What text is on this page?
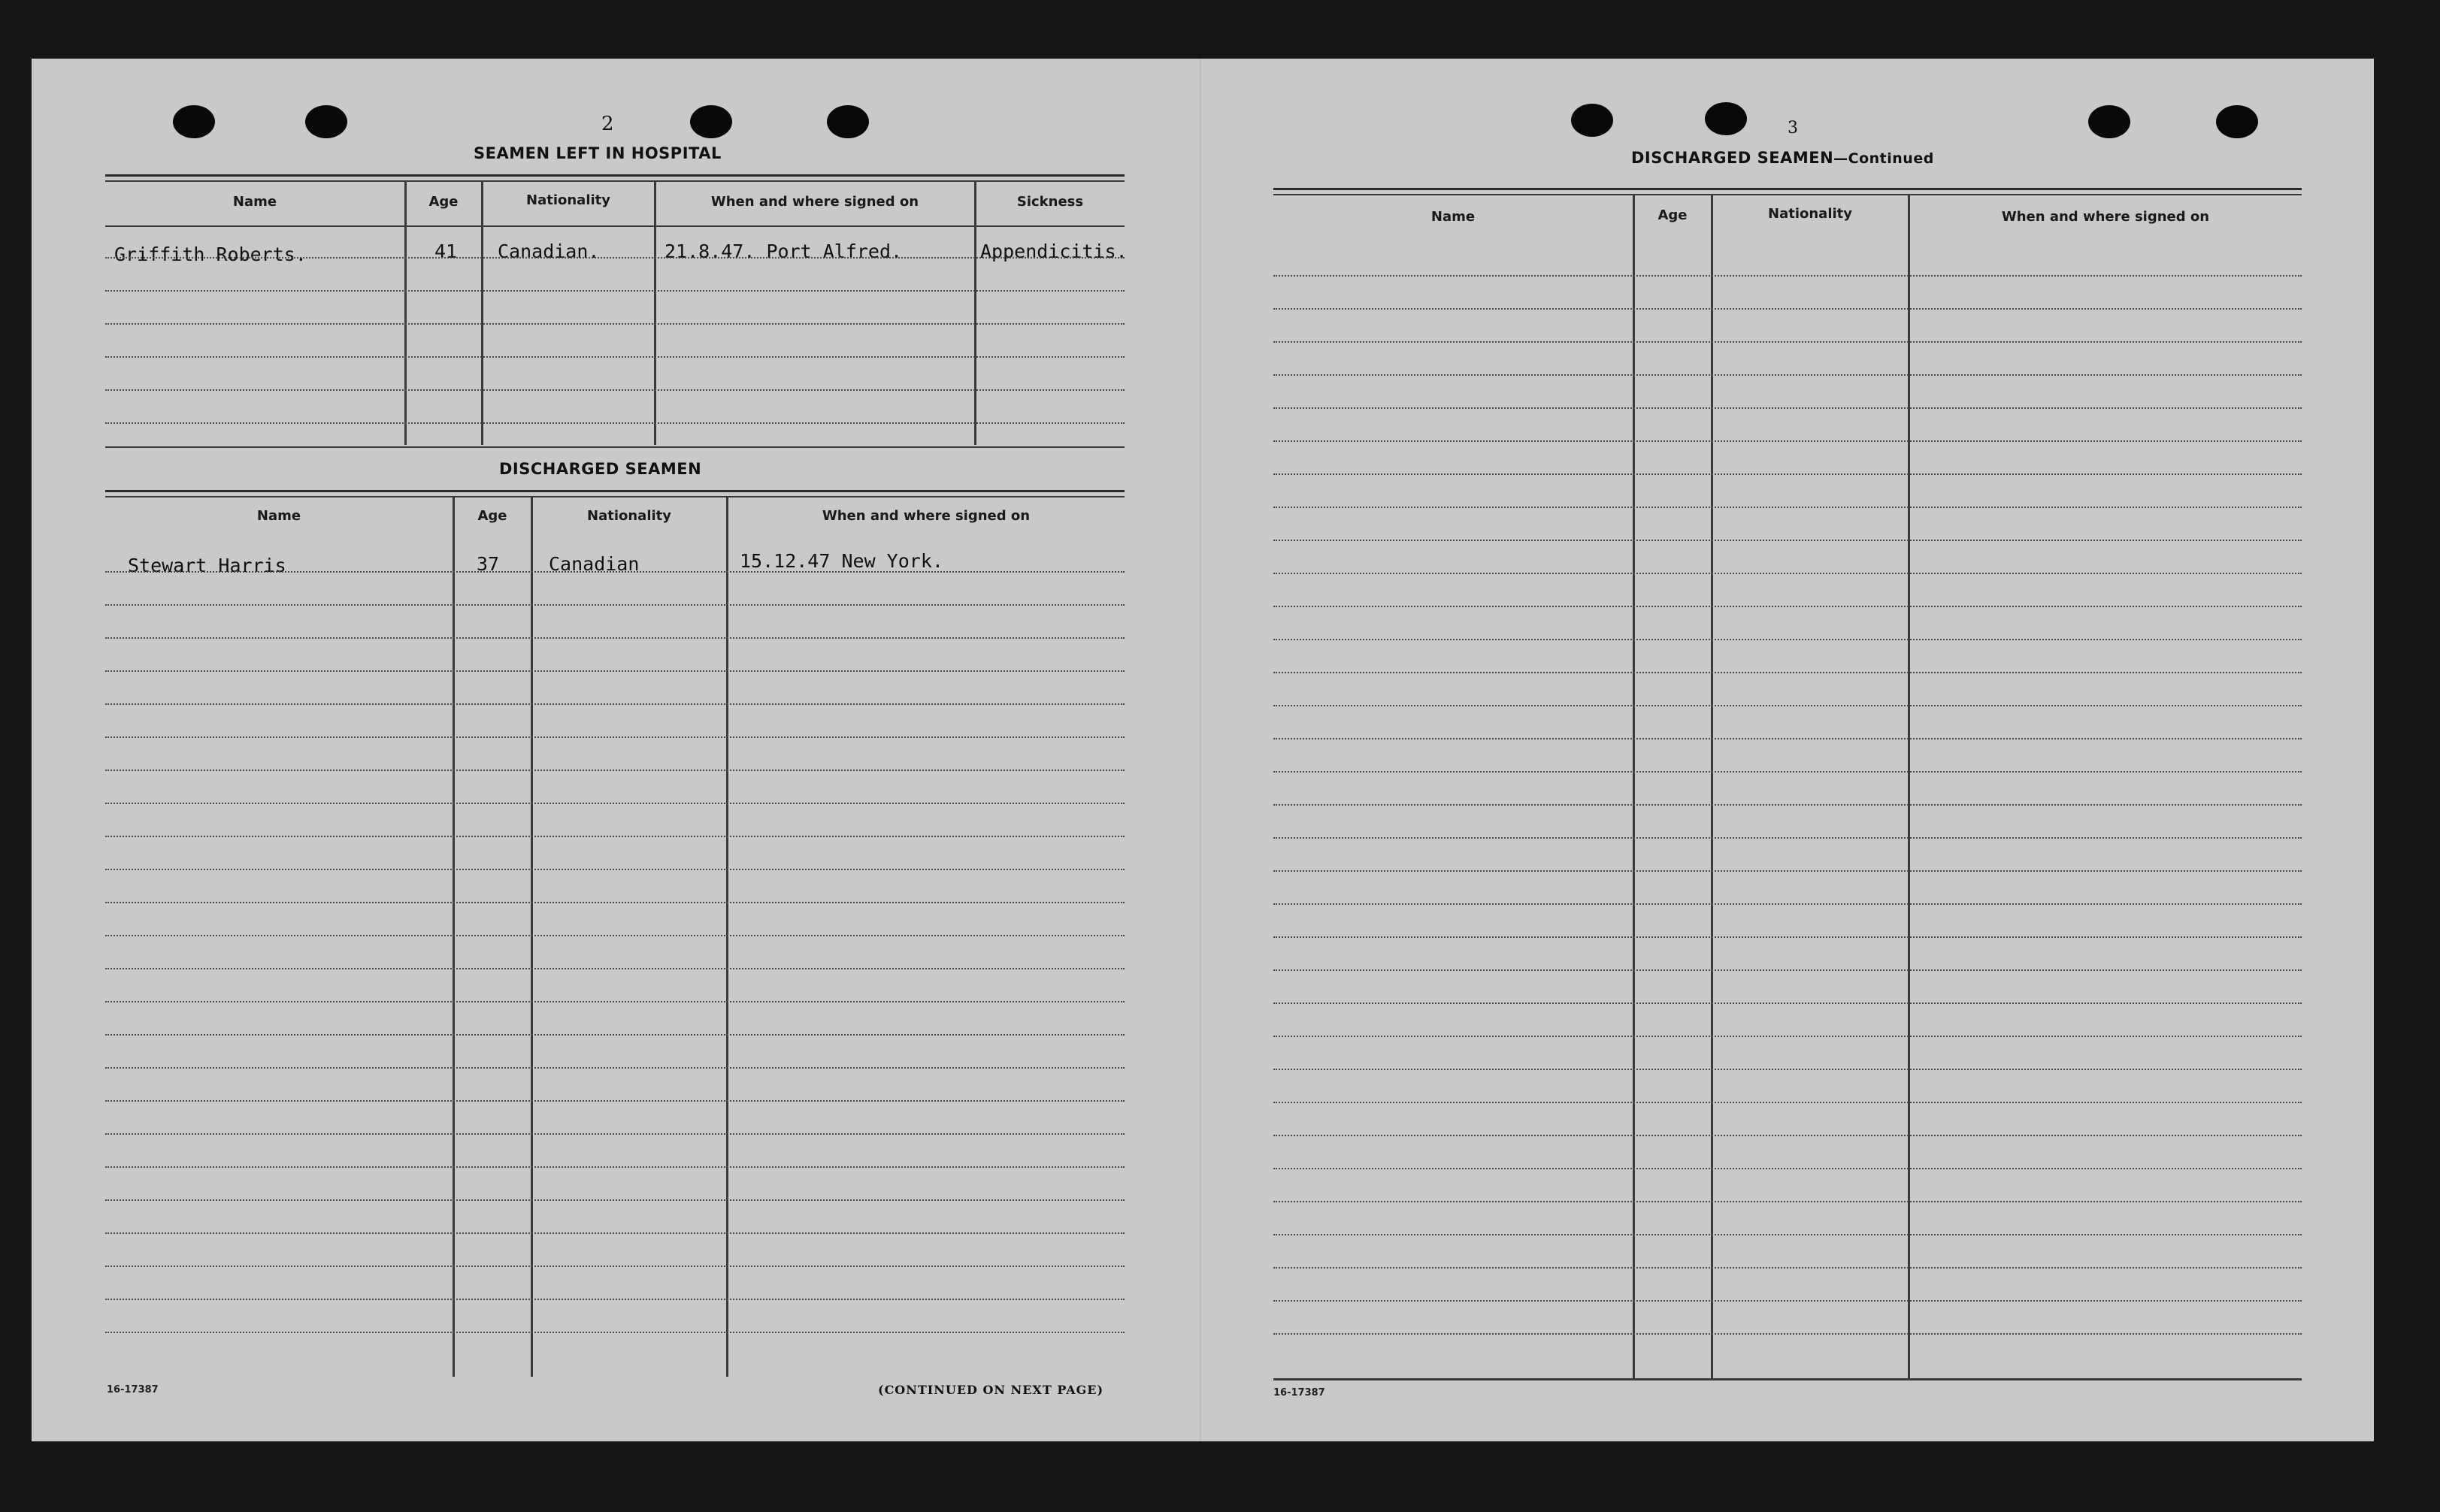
2
SEAMEN LEFT IN HOSPITAL
Name	Age	Nationality	When and where signed on	Sickness
Griffith Roberts.	41 Canadian.	21.8.47. Port Alfred.	Appendicitis.
DISCHARGED SEAMEN
Name	Age	Nationality	When and where signed on
Stewart Harris	37	Canadian	15.12.47 New York.
16-17387	(CONTINUED ON NEXT PAGE)
3
DISCHARGED SEAMEN—Continued
Name	Age	Nationality	When and where signed on
16-17387
